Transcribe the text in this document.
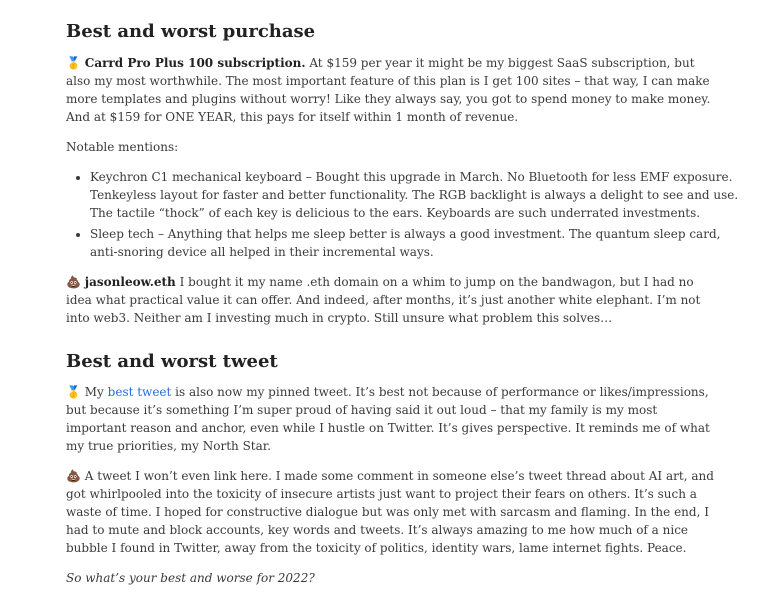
Best and worst purchase

🥇 Carrd Pro Plus 100 subscription. At $159 per year it might be my biggest SaaS subscription, but also my most worthwhile. The most important feature of this plan is I get 100 sites – that way, I can make more templates and plugins without worry! Like they always say, you got to spend money to make money. And at $159 for ONE YEAR, this pays for itself within 1 month of revenue.

Notable mentions:

• Keychron C1 mechanical keyboard – Bought this upgrade in March. No Bluetooth for less EMF exposure. Tenkeyless layout for faster and better functionality. The RGB backlight is always a delight to see and use. The tactile “thock” of each key is delicious to the ears. Keyboards are such underrated investments.
• Sleep tech – Anything that helps me sleep better is always a good investment. The quantum sleep card, anti-snoring device all helped in their incremental ways.

💩 jasonleow.eth I bought it my name .eth domain on a whim to jump on the bandwagon, but I had no idea what practical value it can offer. And indeed, after months, it’s just another white elephant. I’m not into web3. Neither am I investing much in crypto. Still unsure what problem this solves…

Best and worst tweet

🥇 My best tweet is also now my pinned tweet. It’s best not because of performance or likes/impressions, but because it’s something I’m super proud of having said it out loud – that my family is my most important reason and anchor, even while I hustle on Twitter. It’s gives perspective. It reminds me of what my true priorities, my North Star.

💩 A tweet I won’t even link here. I made some comment in someone else’s tweet thread about AI art, and got whirlpooled into the toxicity of insecure artists just want to project their fears on others. It’s such a waste of time. I hoped for constructive dialogue but was only met with sarcasm and flaming. In the end, I had to mute and block accounts, key words and tweets. It’s always amazing to me how much of a nice bubble I found in Twitter, away from the toxicity of politics, identity wars, lame internet fights. Peace.

So what’s your best and worse for 2022?
